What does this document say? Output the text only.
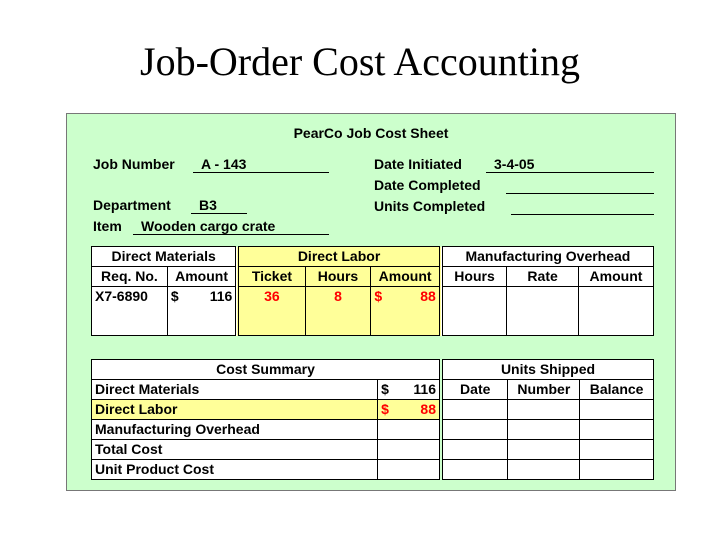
Job-Order Cost Accounting
PearCo Job Cost Sheet
Job Number	A - 143
Department	B3
Item	Wooden cargo crate
Date Initiated	3-4-05
Date Completed
Units Completed
Direct Materials		Direct Labor			Manufacturing Overhead		
Req. No.	Amount	Ticket	Hours	Amount	Hours	Rate	Amount
X7-6890	$ 116	36	8	$ 88			

Cost Summary	
Direct Materials	$ 116

Direct Labor	$ 88

Manufacturing Overhead	
Total Cost	
Unit Product Cost	
Units Shipped		
Date	Number	Balance
